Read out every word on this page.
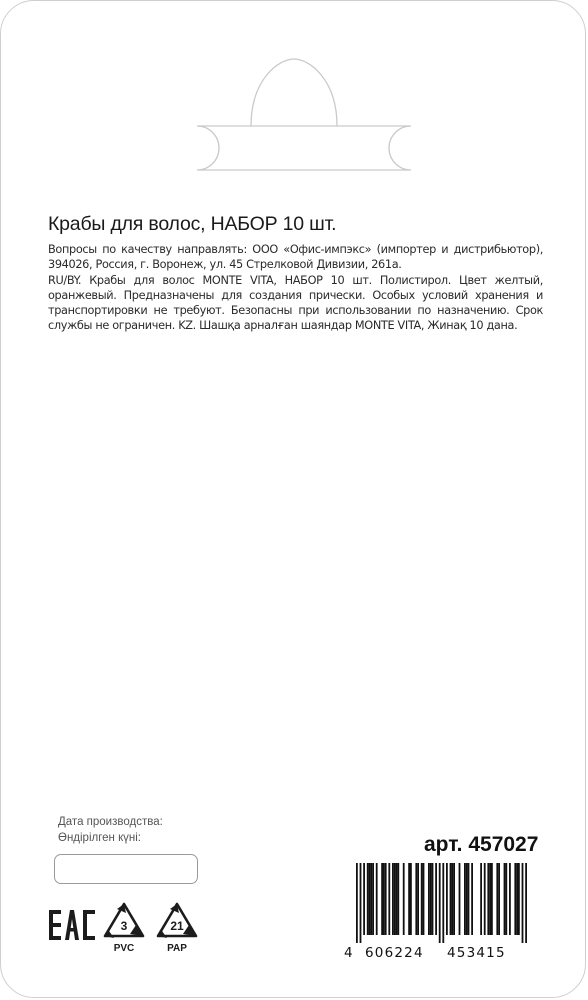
Крабы для волос, НАБОР 10 шт.

Вопросы по качеству направлять: ООО «Офис-импэкс» (импортер и дистрибьютор), 394026, Россия, г. Воронеж, ул. 45 Стрелковой Дивизии, 261а.

RU/BY. Крабы для волос MONTE VITA, НАБОР 10 шт. Полистирол. Цвет желтый, оранжевый. Предназначены для создания прически. Особых условий хранения и транспортировки не требуют. Безопасны при использовании по назначению. Срок службы не ограничен. KZ. Шашқа арналған шаяндар MONTE VITA, Жинақ 10 дана.

Дата производства:
Өндірілген күні:
3
PVC
21
PAP
арт. 457027
4 606224 453415
